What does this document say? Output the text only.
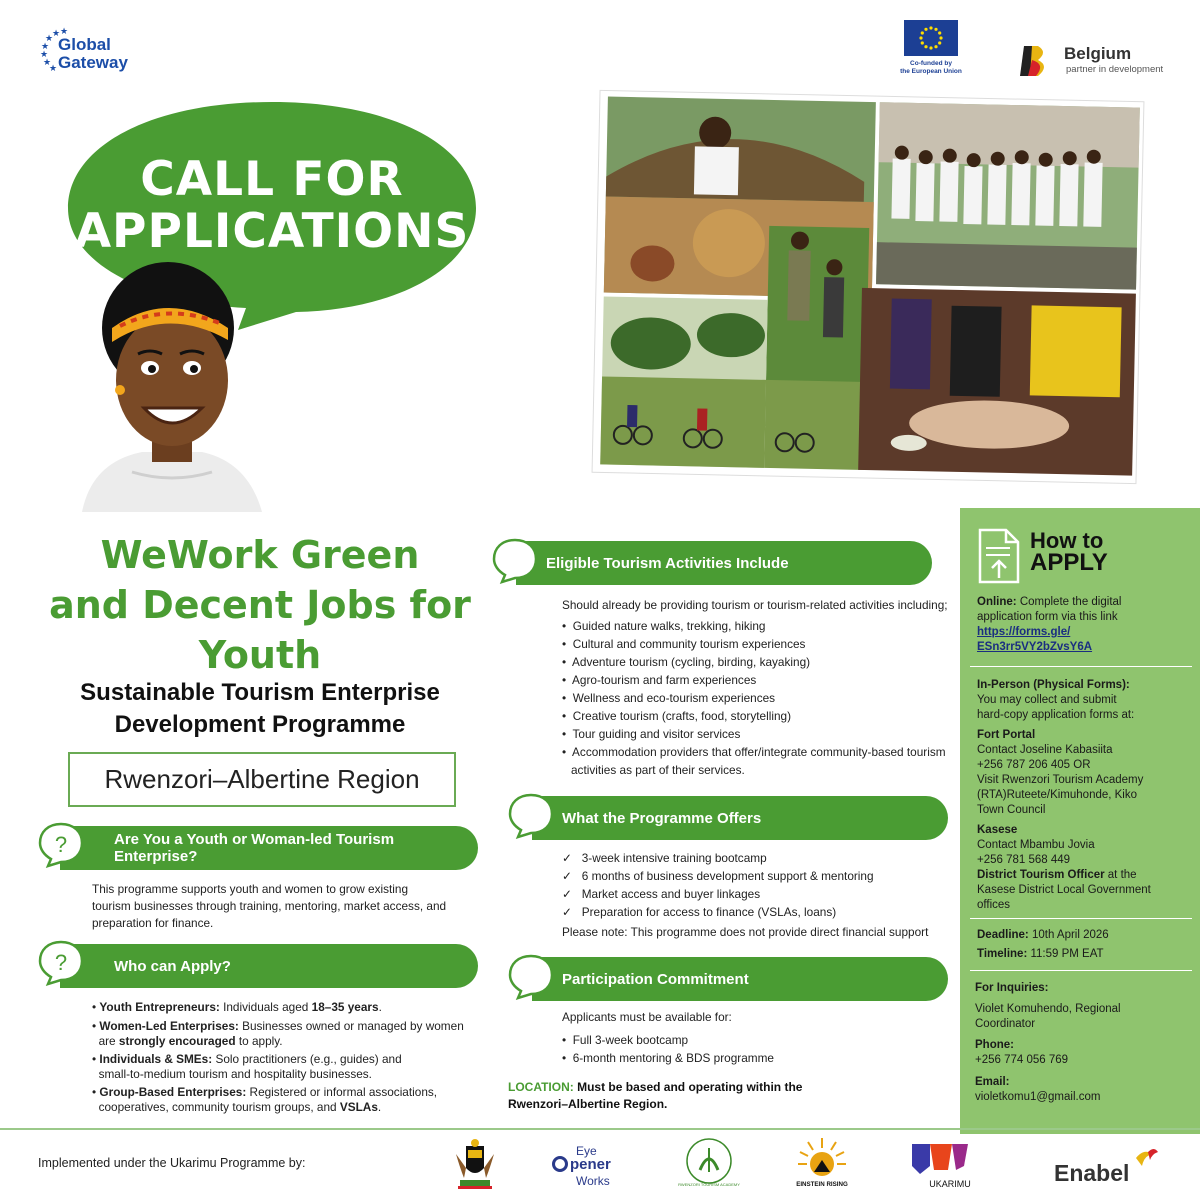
★
★
★
★
★
★
★
Global
Gateway	Co-funded by
the European Union
Belgium
partner in development
CALL FOR
APPLICATIONS
WeWork Green
and Decent Jobs for
Youth
Sustainable Tourism Enterprise
Development Programme
Rwenzori–Albertine Region
Are You a Youth or Woman-led Tourism Enterprise?
?
This programme supports youth and women to grow existing
tourism businesses through training, mentoring, market access, and
preparation for finance.
Who can Apply?
?
• Youth Entrepreneurs: Individuals aged 18–35 years.
• Women-Led Enterprises: Businesses owned or managed by women
are strongly encouraged to apply.
• Individuals & SMEs: Solo practitioners (e.g., guides) and
small-to-medium tourism and hospitality businesses.
• Group-Based Enterprises: Registered or informal associations,
cooperatives, community tourism groups, and VSLAs.
Eligible Tourism Activities Include
Should already be providing tourism or tourism-related activities including;
•  Guided nature walks, trekking, hiking
•  Cultural and community tourism experiences
•  Adventure tourism (cycling, birding, kayaking)
•  Agro-tourism and farm experiences
•  Wellness and eco-tourism experiences
•  Creative tourism (crafts, food, storytelling)
•  Tour guiding and visitor services
•  Accommodation providers that offer/integrate community-based tourism
activities as part of their services.
What the Programme Offers
✓ 3-week intensive training bootcamp
✓ 6 months of business development support & mentoring
✓ Market access and buyer linkages
✓ Preparation for access to finance (VSLAs, loans)
Please note: This programme does not provide direct financial support
Participation Commitment
Applicants must be available for:
•  Full 3-week bootcamp
•  6-month mentoring & BDS programme
LOCATION: Must be based and operating within the
Rwenzori–Albertine Region.
How to
APPLY
Online: Complete the digital
application form via this link
https://forms.gle/
ESn3rr5VY2bZvsY6A
In-Person (Physical Forms):
You may collect and submit
hard-copy application forms at:
Fort Portal
Contact Joseline Kabasiita
+256 787 206 405 OR
Visit Rwenzori Tourism Academy
(RTA)Ruteete/Kimuhonde, Kiko
Town Council
Kasese
Contact Mbambu Jovia
+256 781 568 449
District Tourism Officer at the
Kasese District Local Government
offices
Deadline: 10th April 2026
Timeline: 11:59 PM EAT
For Inquiries:

Violet Komuhendo, Regional
Coordinator
Phone:
+256 774 056 769
Email:
violetkomu1@gmail.com
Implemented under the Ukarimu Programme by:
Eye
pener
Works	RWENZORI TOURISM ACADEMY	EINSTEIN RISING	UKARIMU	Enabel
